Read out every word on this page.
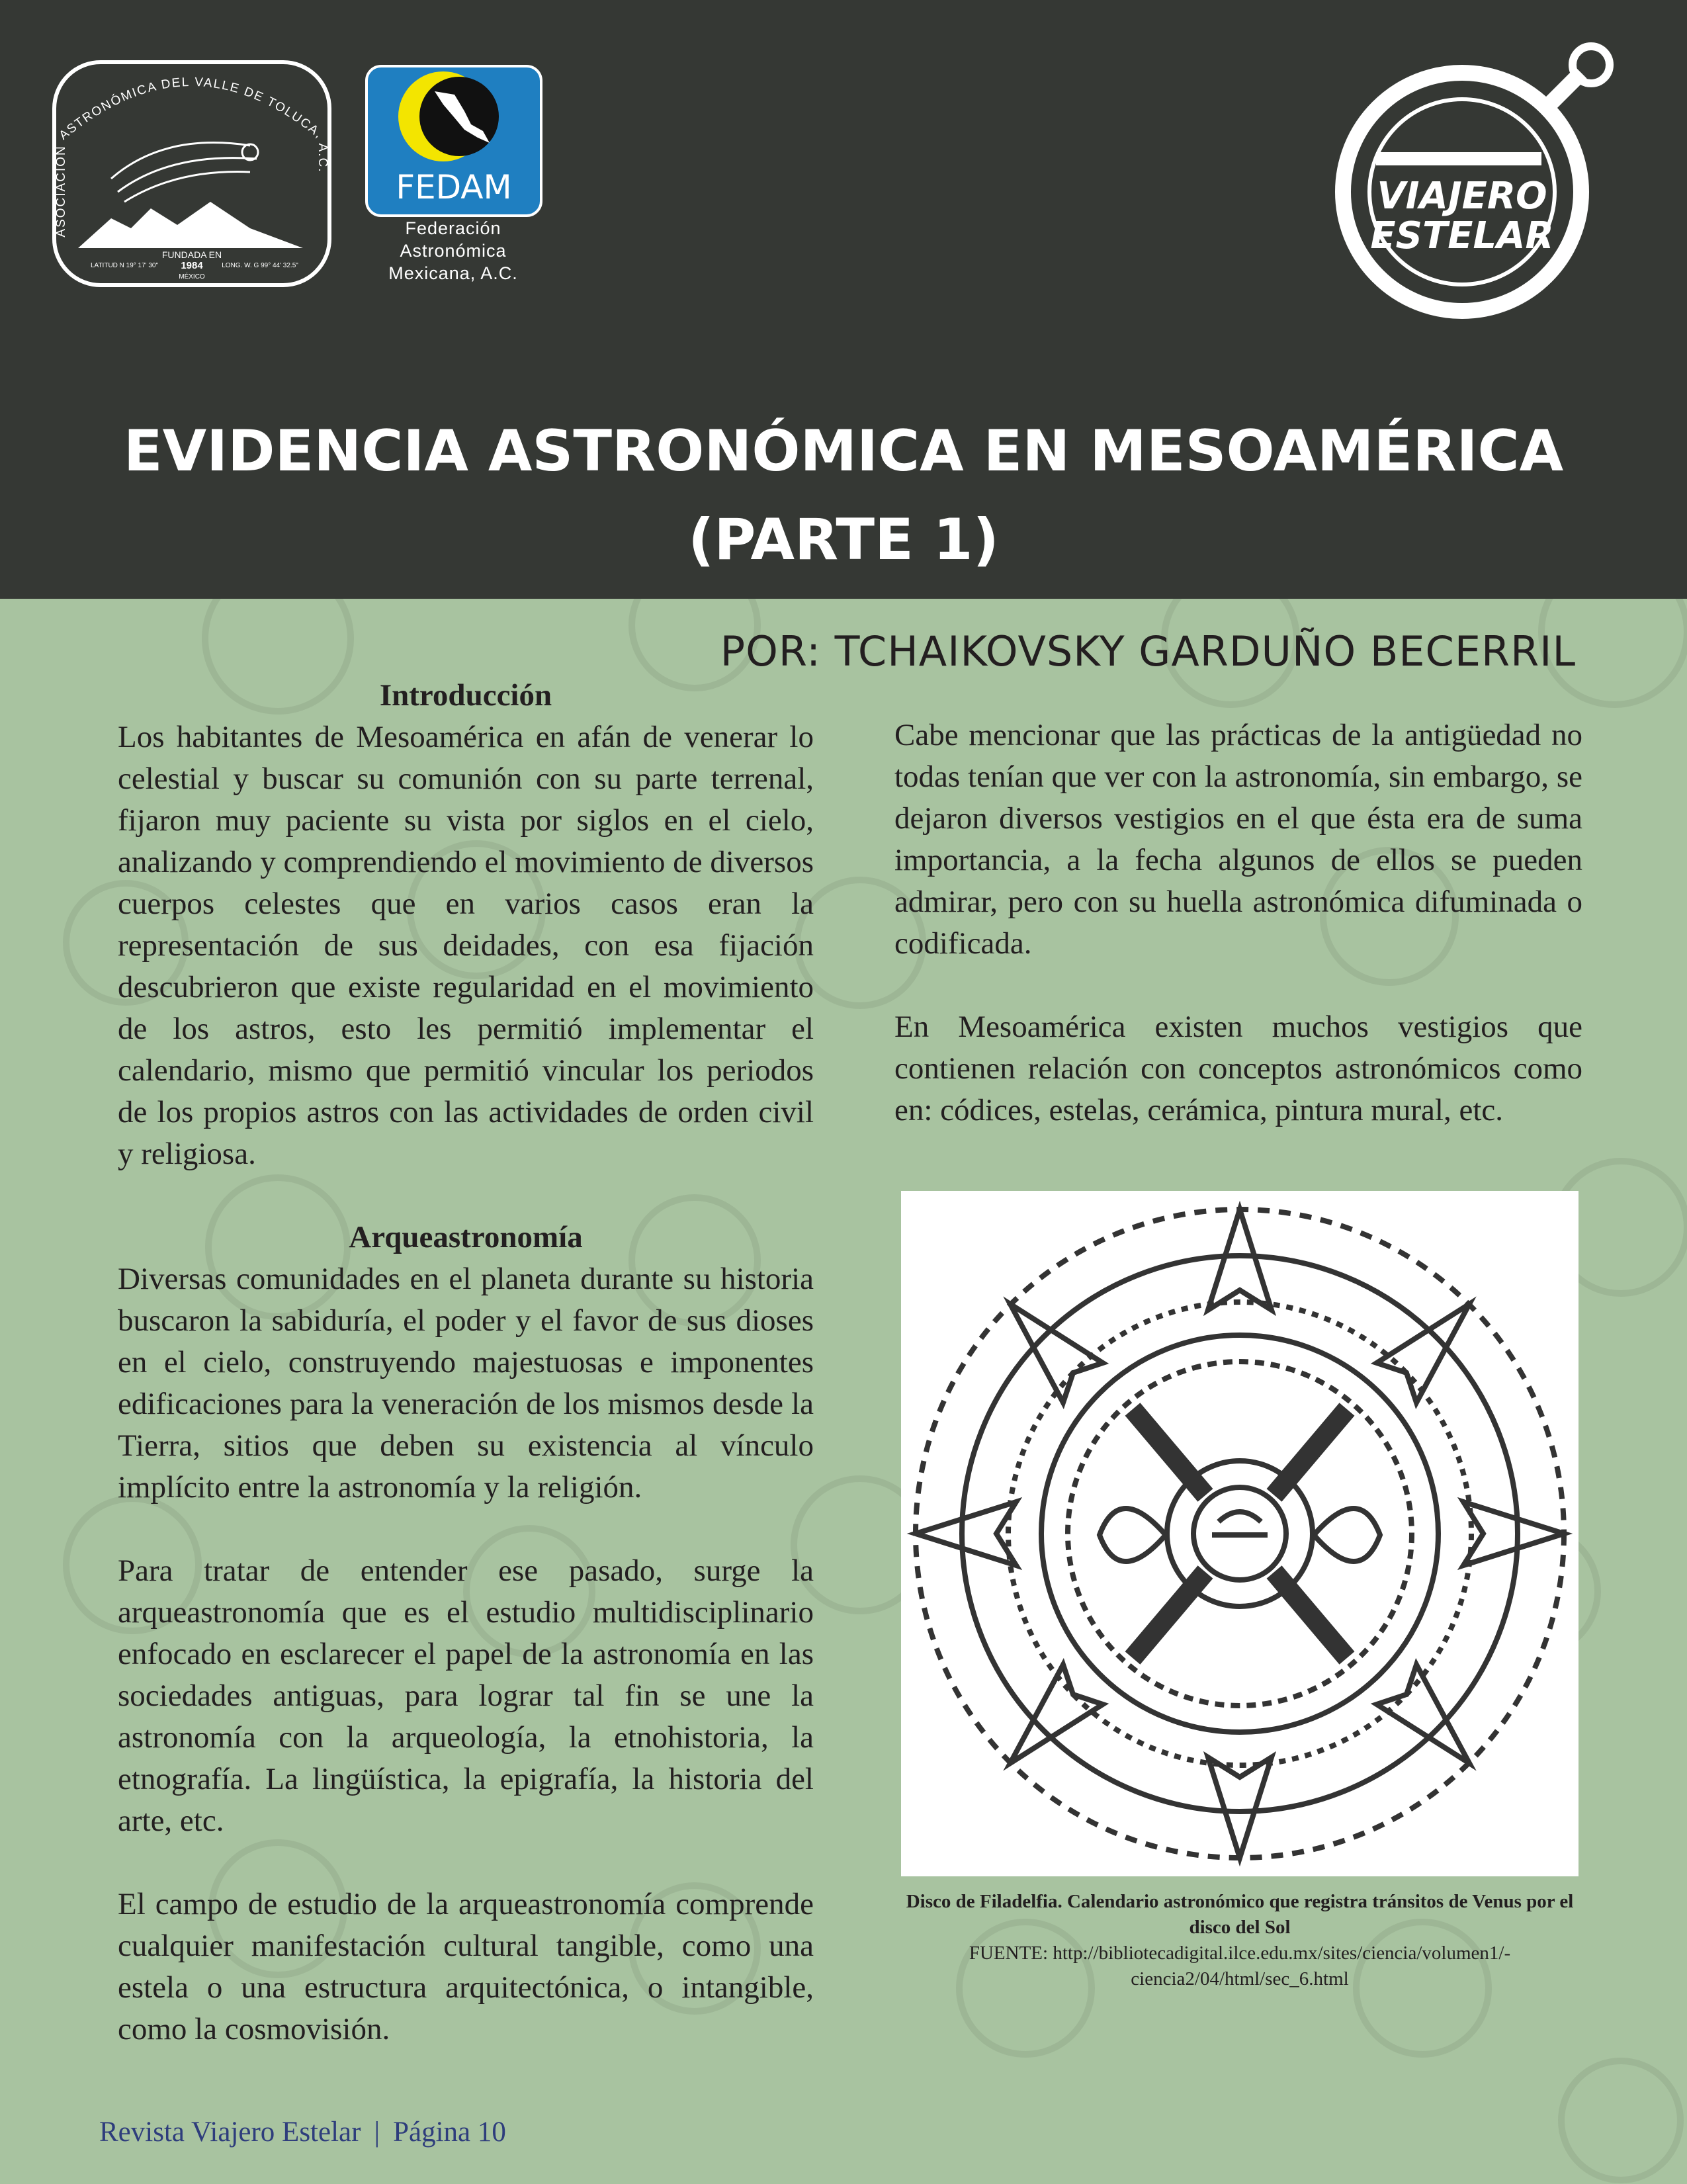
ASOCIACIÓN ASTRONÓMICA DEL VALLE DE TOLUCA, A.C.
FUNDADA EN
1984
LATITUD N 19° 17' 30"
MÉXICO
LONG. W. G 99° 44' 32.5"
FEDAM
Federación
Astronómica
Mexicana, A.C.
VIAJERO
ESTELAR
EVIDENCIA ASTRONÓMICA EN MESOAMÉRICA
(PARTE 1)
POR: TCHAIKOVSKY GARDUÑO BECERRIL
Introducción

Los habitantes de Mesoamérica en afán de venerar lo celestial y buscar su comunión con su parte terrenal, fijaron muy paciente su vista por siglos en el cielo, analizando y comprendiendo el movimiento de diversos cuerpos celestes que en varios casos eran la representación de sus deidades, con esa fijación descubrieron que existe regularidad en el movimiento de los astros, esto les permitió implementar el calendario, mismo que permitió vincular los periodos de los propios astros con las actividades de orden civil y religiosa.

Arqueastronomía

Diversas comunidades en el planeta durante su historia buscaron la sabiduría, el poder y el favor de sus dioses en el cielo, construyendo majestuosas e imponentes edificaciones para la veneración de los mismos desde la Tierra, sitios que deben su existencia al vínculo implícito entre la astronomía y la religión.

Para tratar de entender ese pasado, surge la arqueastronomía que es el estudio multidisciplinario enfocado en esclarecer el papel de la astronomía en las sociedades antiguas, para lograr tal fin se une la astronomía con la arqueología, la etnohistoria, la etnografía. La lingüística, la epigrafía, la historia del arte, etc.

El campo de estudio de la arqueastronomía comprende cualquier manifestación cultural tangible, como una estela o una estructura arquitectónica, o intangible, como la cosmovisión.

Cabe mencionar que las prácticas de la antigüedad no todas tenían que ver con la astronomía, sin embargo, se dejaron diversos vestigios en el que ésta era de suma importancia, a la fecha algunos de ellos se pueden admirar, pero con su huella astronómica difuminada o codificada.

En Mesoamérica existen muchos vestigios que contienen relación con conceptos astronómicos como en: códices, estelas, cerámica, pintura mural, etc.

Disco de Filadelfia. Calendario astronómico que registra tránsitos de Venus por el disco del Sol
FUENTE: http://bibliotecadigital.ilce.edu.mx/sites/ciencia/volumen1/-ciencia2/04/html/sec_6.html
Revista Viajero Estelar | Página 10
